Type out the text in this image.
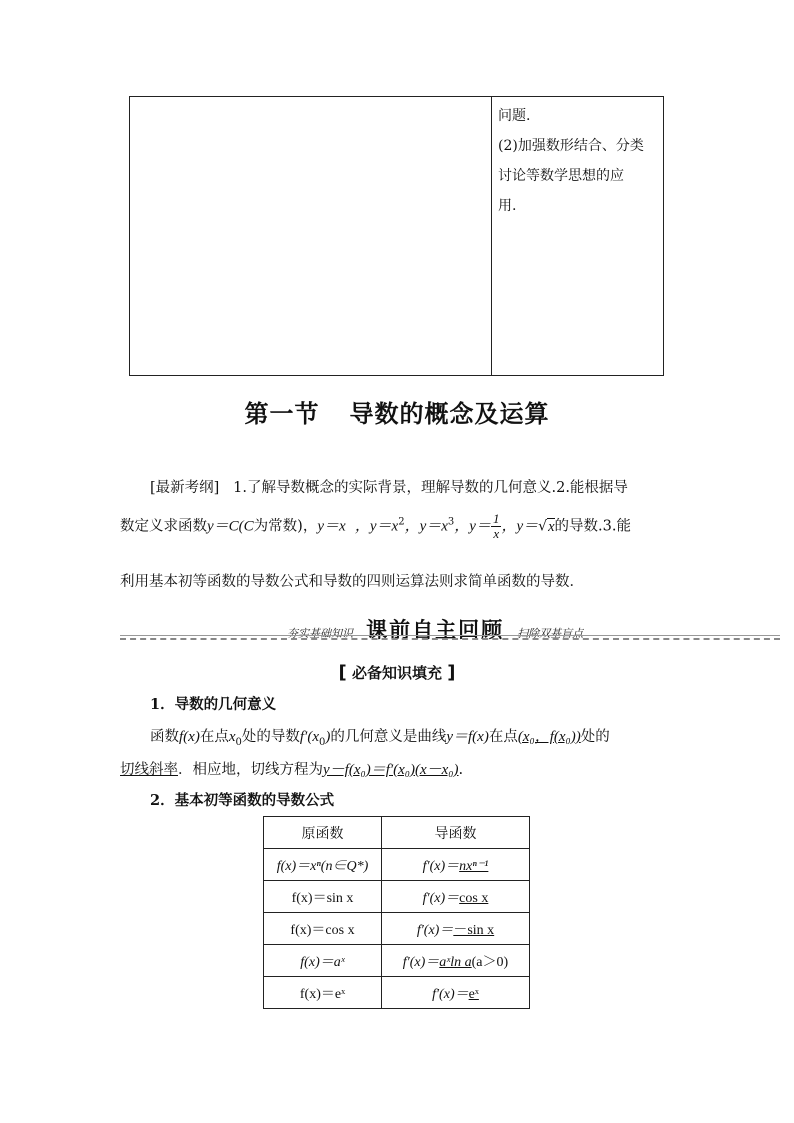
问题.
(2)加强数形结合、分类
讨论等数学思想的应
用.
第一节 导数的概念及运算
[最新考纲] 1.了解导数概念的实际背景，理解导数的几何意义.2.能根据导
数定义求函数y＝C(C为常数)，y＝x ，$y=x^2$，$y=x^3$，$y= \frac{1}{x}$ ，y＝√x的导数.3.能
利用基本初等函数的导数公式和导数的四则运算法则求简单函数的导数．
夯实基础知识 课前自主回顾 扫除双基盲点
[ 必备知识填充 ]
1．导数的几何意义
函数f(x)在点$x_0$处的导数$f'(x_0)$的几何意义是曲线y＝f(x)在点(x₀，f(x₀))处的
切线斜率．相应地，切线方程为y－f(x₀)＝f′(x₀)(x－x₀).
2．基本初等函数的导数公式
原函数	导函数
f(x)＝xⁿ(n∈Q*)	f′(x)＝nxⁿ⁻¹
f(x)＝sin x	f′(x)＝cos x
f(x)＝cos x	f′(x)＝－sin x
f(x)＝aˣ	f′(x)＝aˣln a(a＞0)
f(x)＝eˣ	f′(x)＝eˣ
